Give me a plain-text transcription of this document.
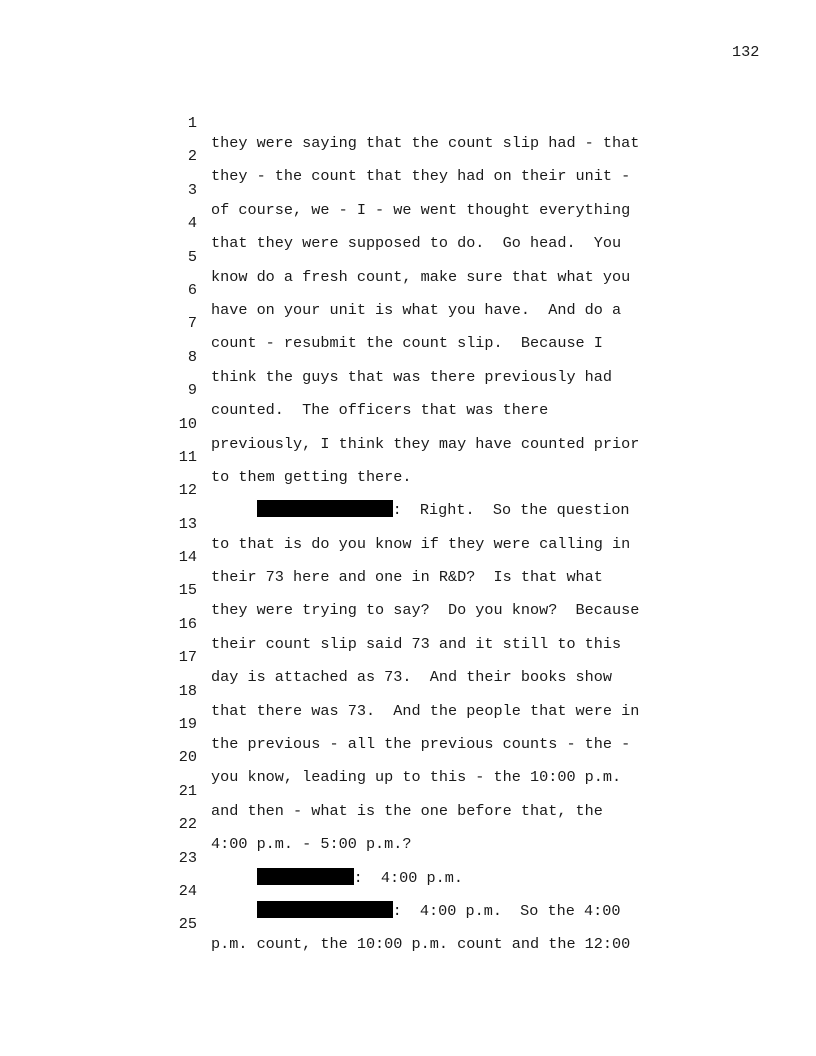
132

1

they were saying that the count slip had - that

2

they - the count that they had on their unit -

3

of course, we - I - we went thought everything

4

that they were supposed to do.  Go head.  You

5

know do a fresh count, make sure that what you

6

have on your unit is what you have.  And do a

7

count - resubmit the count slip.  Because I

8

think the guys that was there previously had

9

counted.  The officers that was there

10

previously, I think they may have counted prior

11

to them getting there.

12

:  Right.  So the question

13

to that is do you know if they were calling in

14

their 73 here and one in R&D?  Is that what

15

they were trying to say?  Do you know?  Because

16

their count slip said 73 and it still to this

17

day is attached as 73.  And their books show

18

that there was 73.  And the people that were in

19

the previous - all the previous counts - the -

20

you know, leading up to this - the 10:00 p.m.

21

and then - what is the one before that, the

22

4:00 p.m. - 5:00 p.m.?

23

:  4:00 p.m.

24

:  4:00 p.m.  So the 4:00

25

p.m. count, the 10:00 p.m. count and the 12:00
